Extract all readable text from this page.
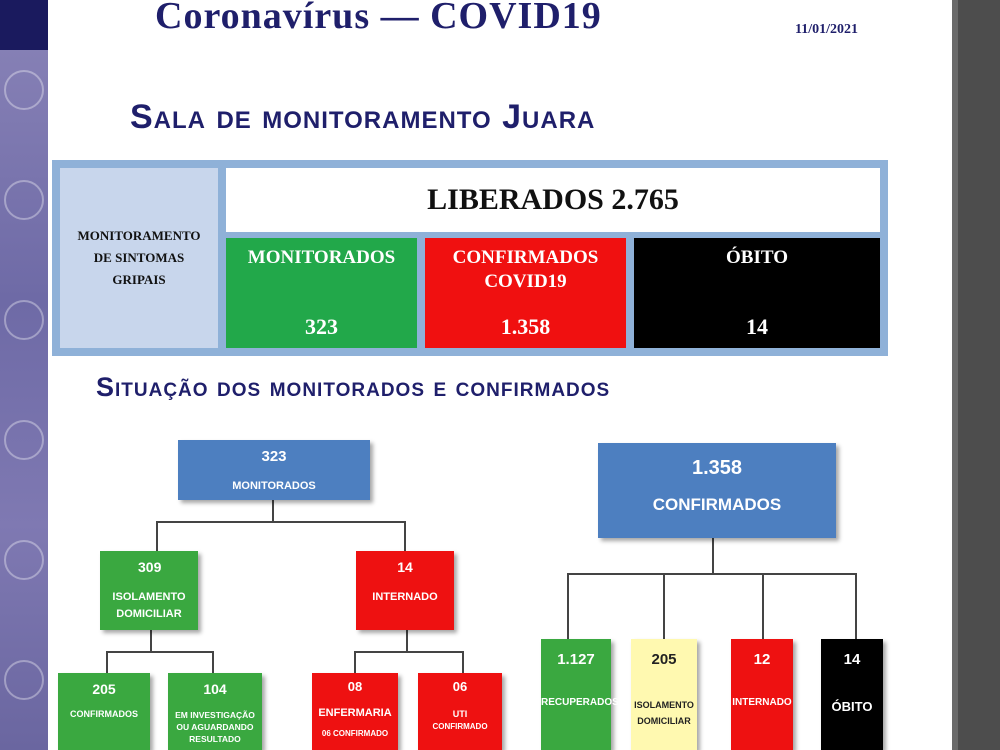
Coronavírus — COVID19	11/01/2021
Sala de monitoramento Juara
MONITORAMENTO DE SINTOMAS GRIPAIS
LIBERADOS 2.765
MONITORADOS
323
CONFIRMADOS COVID19
1.358
ÓBITO
14
Situação dos monitorados e confirmados
323
MONITORADOS
309
ISOLAMENTO DOMICILIAR
14
INTERNADO
205
CONFIRMADOS
104
EM INVESTIGAÇÃO OU AGUARDANDO RESULTADO
08
ENFERMARIA
06 CONFIRMADO
06
UTI
CONFIRMADO
1.358
CONFIRMADOS
1.127
RECUPERADOS
205
ISOLAMENTO DOMICILIAR
12
INTERNADO
14
ÓBITO
